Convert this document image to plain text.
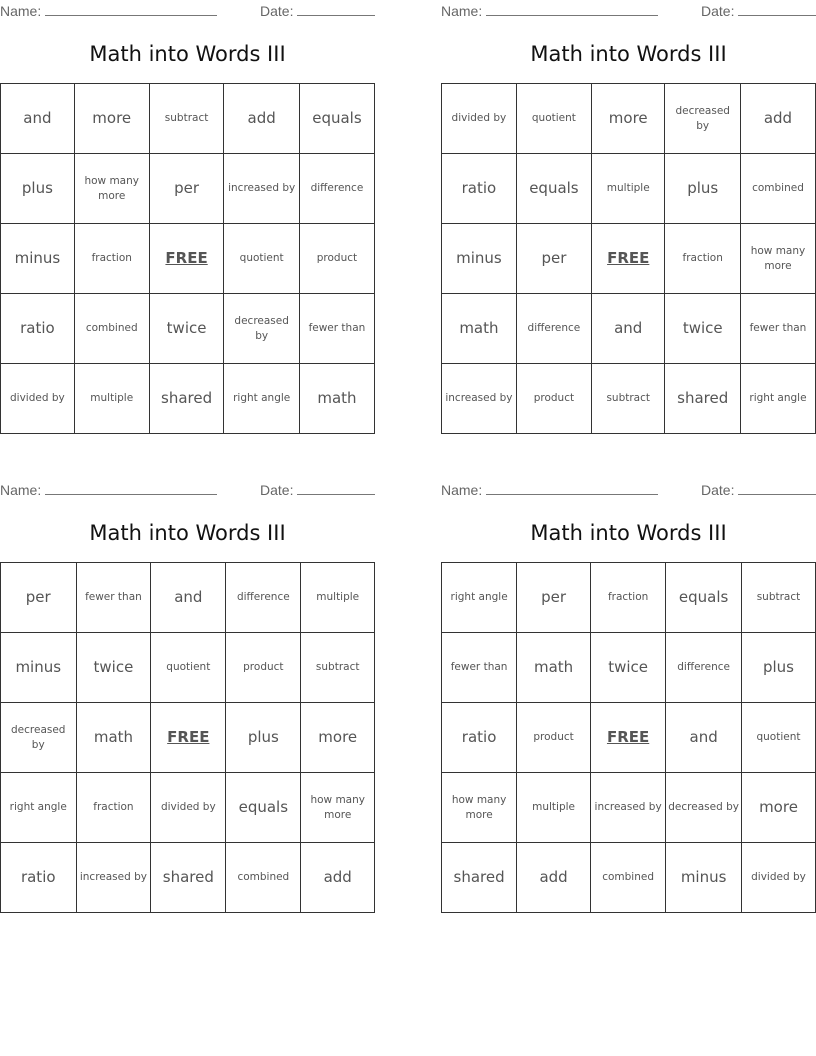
Name:	Date:
Math into Words III
and	more	subtract	add	equals
plus	how many more	per	increased by	difference
minus	fraction	FREE	quotient	product
ratio	combined	twice	decreased by	fewer than
divided by	multiple	shared	right angle	math
Name:	Date:
Math into Words III
divided by	quotient	more	decreased by	add
ratio	equals	multiple	plus	combined
minus	per	FREE	fraction	how many more
math	difference	and	twice	fewer than
increased by	product	subtract	shared	right angle
Name:	Date:
Math into Words III
per	fewer than	and	difference	multiple
minus	twice	quotient	product	subtract
decreased by	math	FREE	plus	more
right angle	fraction	divided by	equals	how many more
ratio	increased by	shared	combined	add
Name:	Date:
Math into Words III
right angle	per	fraction	equals	subtract
fewer than	math	twice	difference	plus
ratio	product	FREE	and	quotient
how many more	multiple	increased by	decreased by	more
shared	add	combined	minus	divided by
